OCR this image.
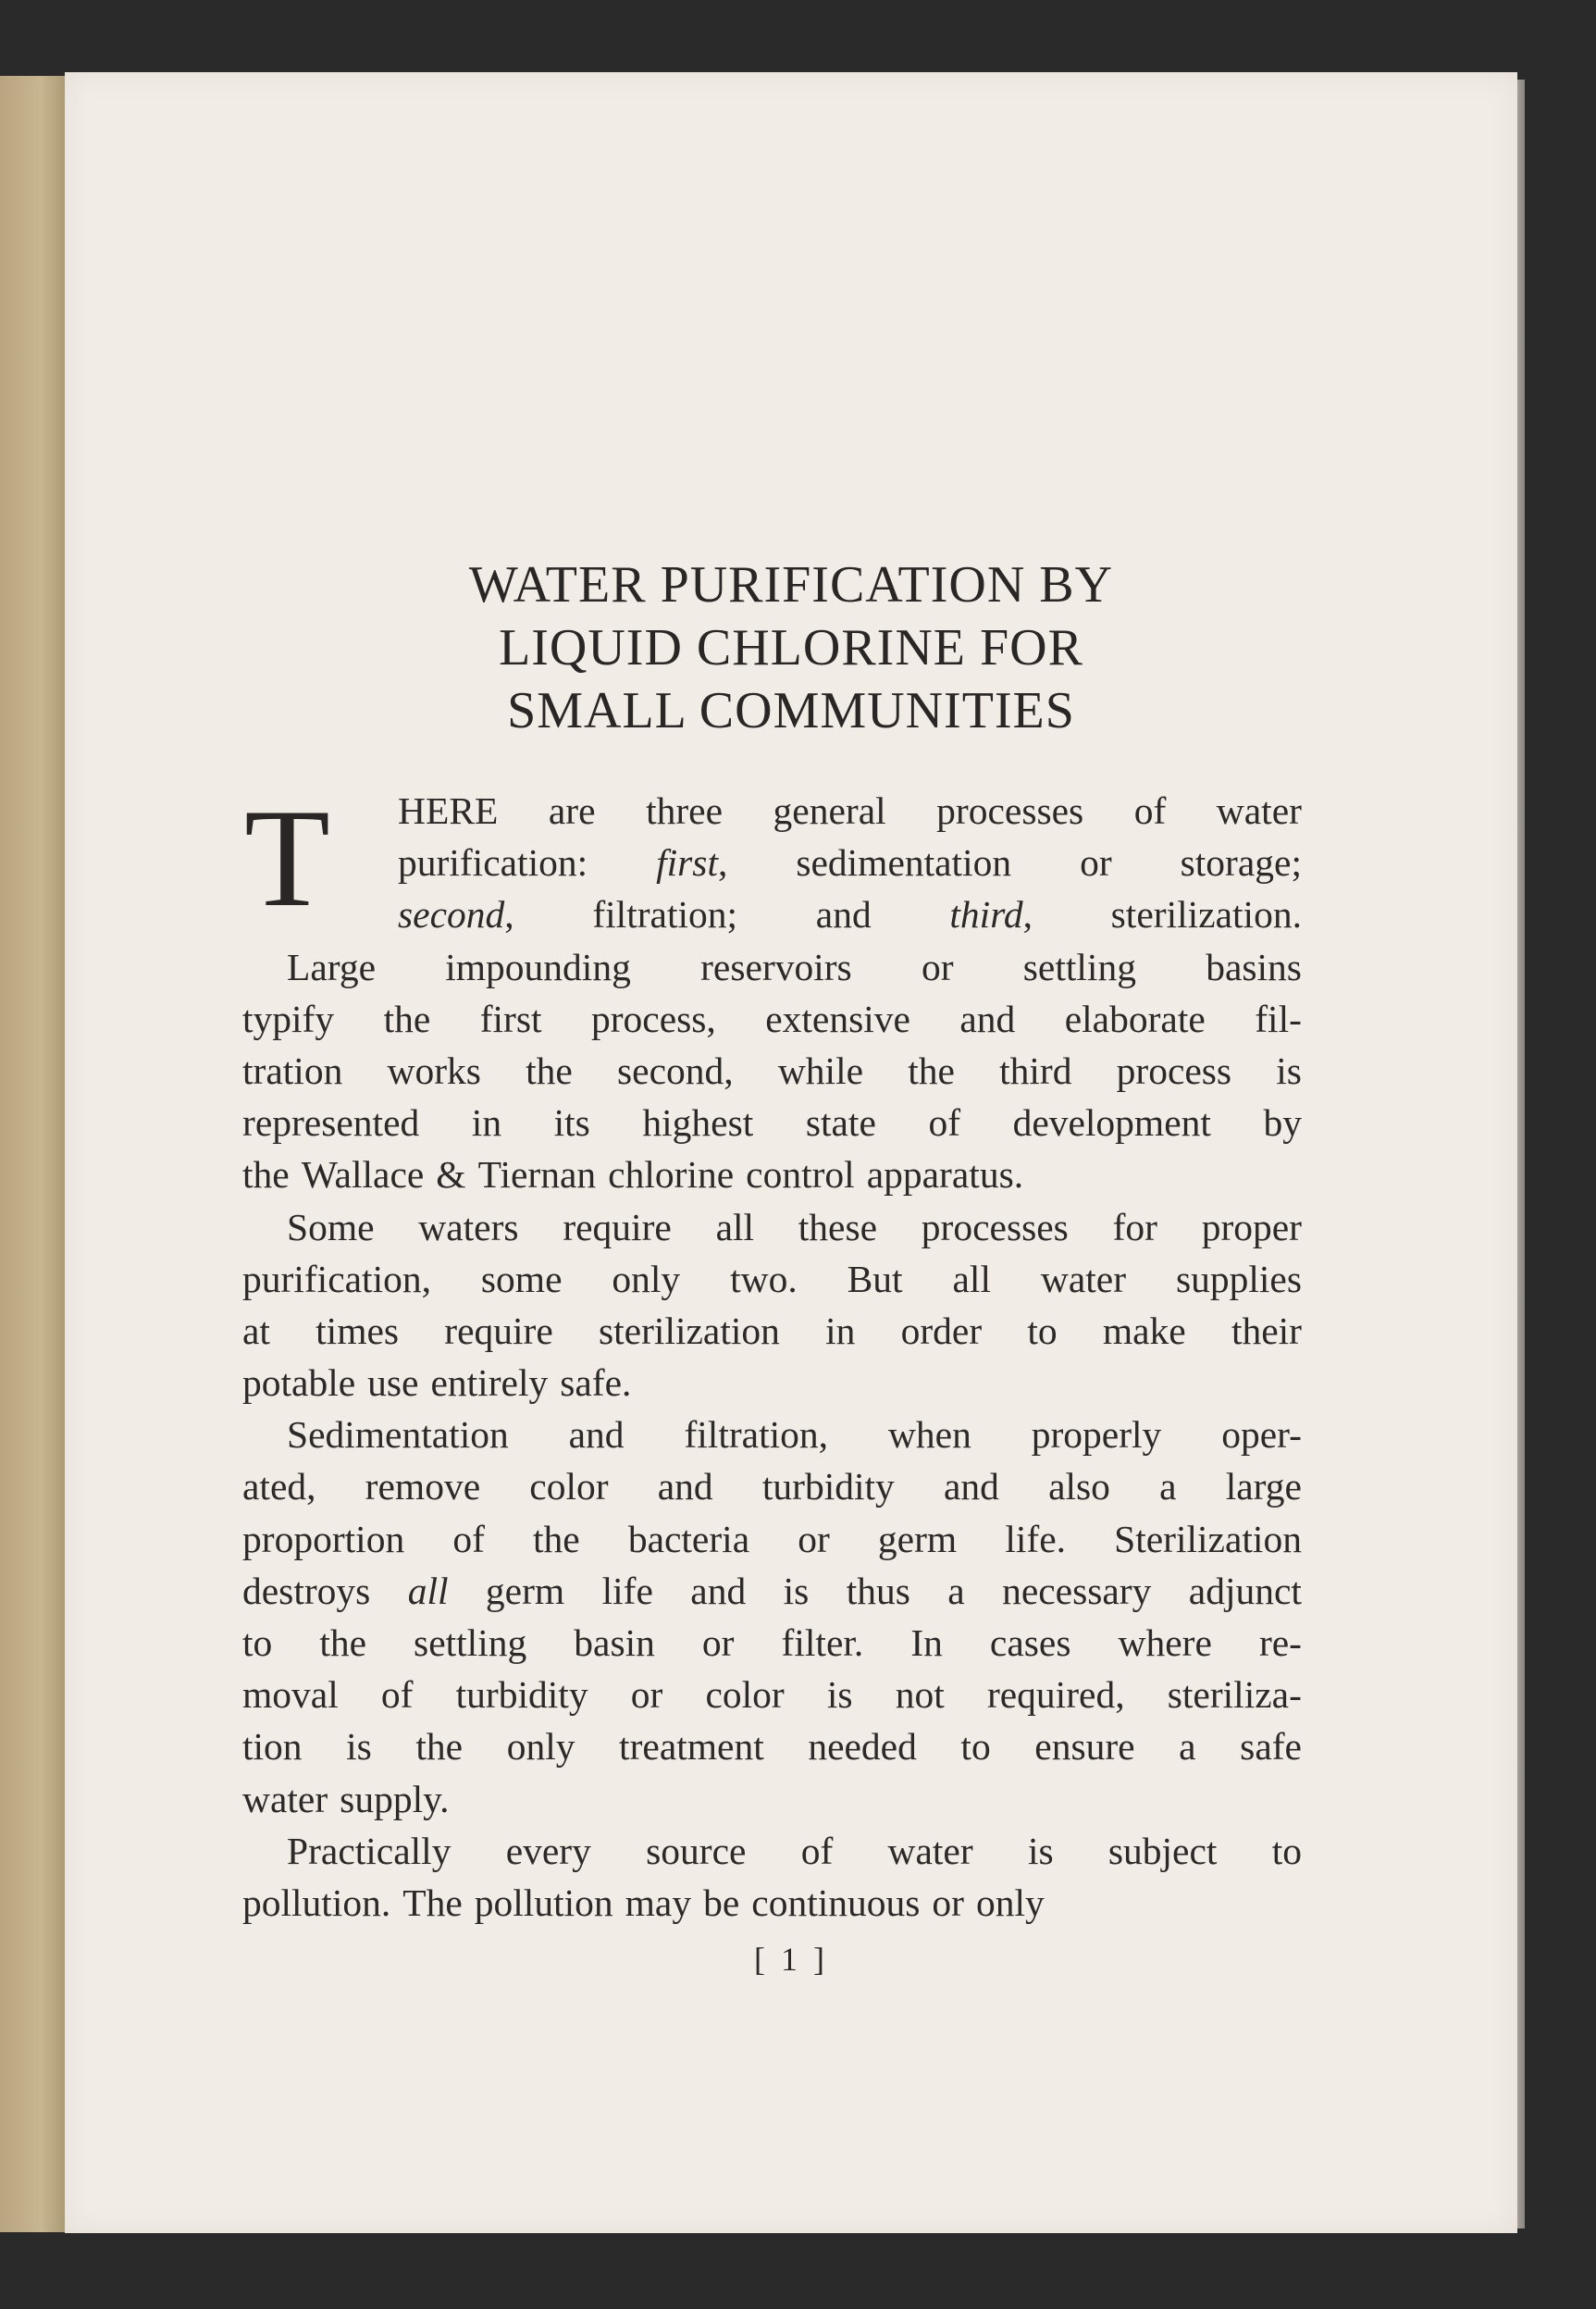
WATER PURIFICATION BY
LIQUID CHLORINE FOR
SMALL COMMUNITIES
T HERE are three general processes of water
purification: first, sedimentation or storage;
second, filtration; and third, sterilization.
Large impounding reservoirs or settling basins
typify the first process, extensive and elaborate fil-
tration works the second, while the third process is
represented in its highest state of development by
the Wallace & Tiernan chlorine control apparatus.
Some waters require all these processes for proper
purification, some only two. But all water supplies
at times require sterilization in order to make their
potable use entirely safe.
Sedimentation and filtration, when properly oper-
ated, remove color and turbidity and also a large
proportion of the bacteria or germ life. Sterilization
destroys all germ life and is thus a necessary adjunct
to the settling basin or filter. In cases where re-
moval of turbidity or color is not required, steriliza-
tion is the only treatment needed to ensure a safe
water supply.
Practically every source of water is subject to
pollution. The pollution may be continuous or only
[ 1 ]
